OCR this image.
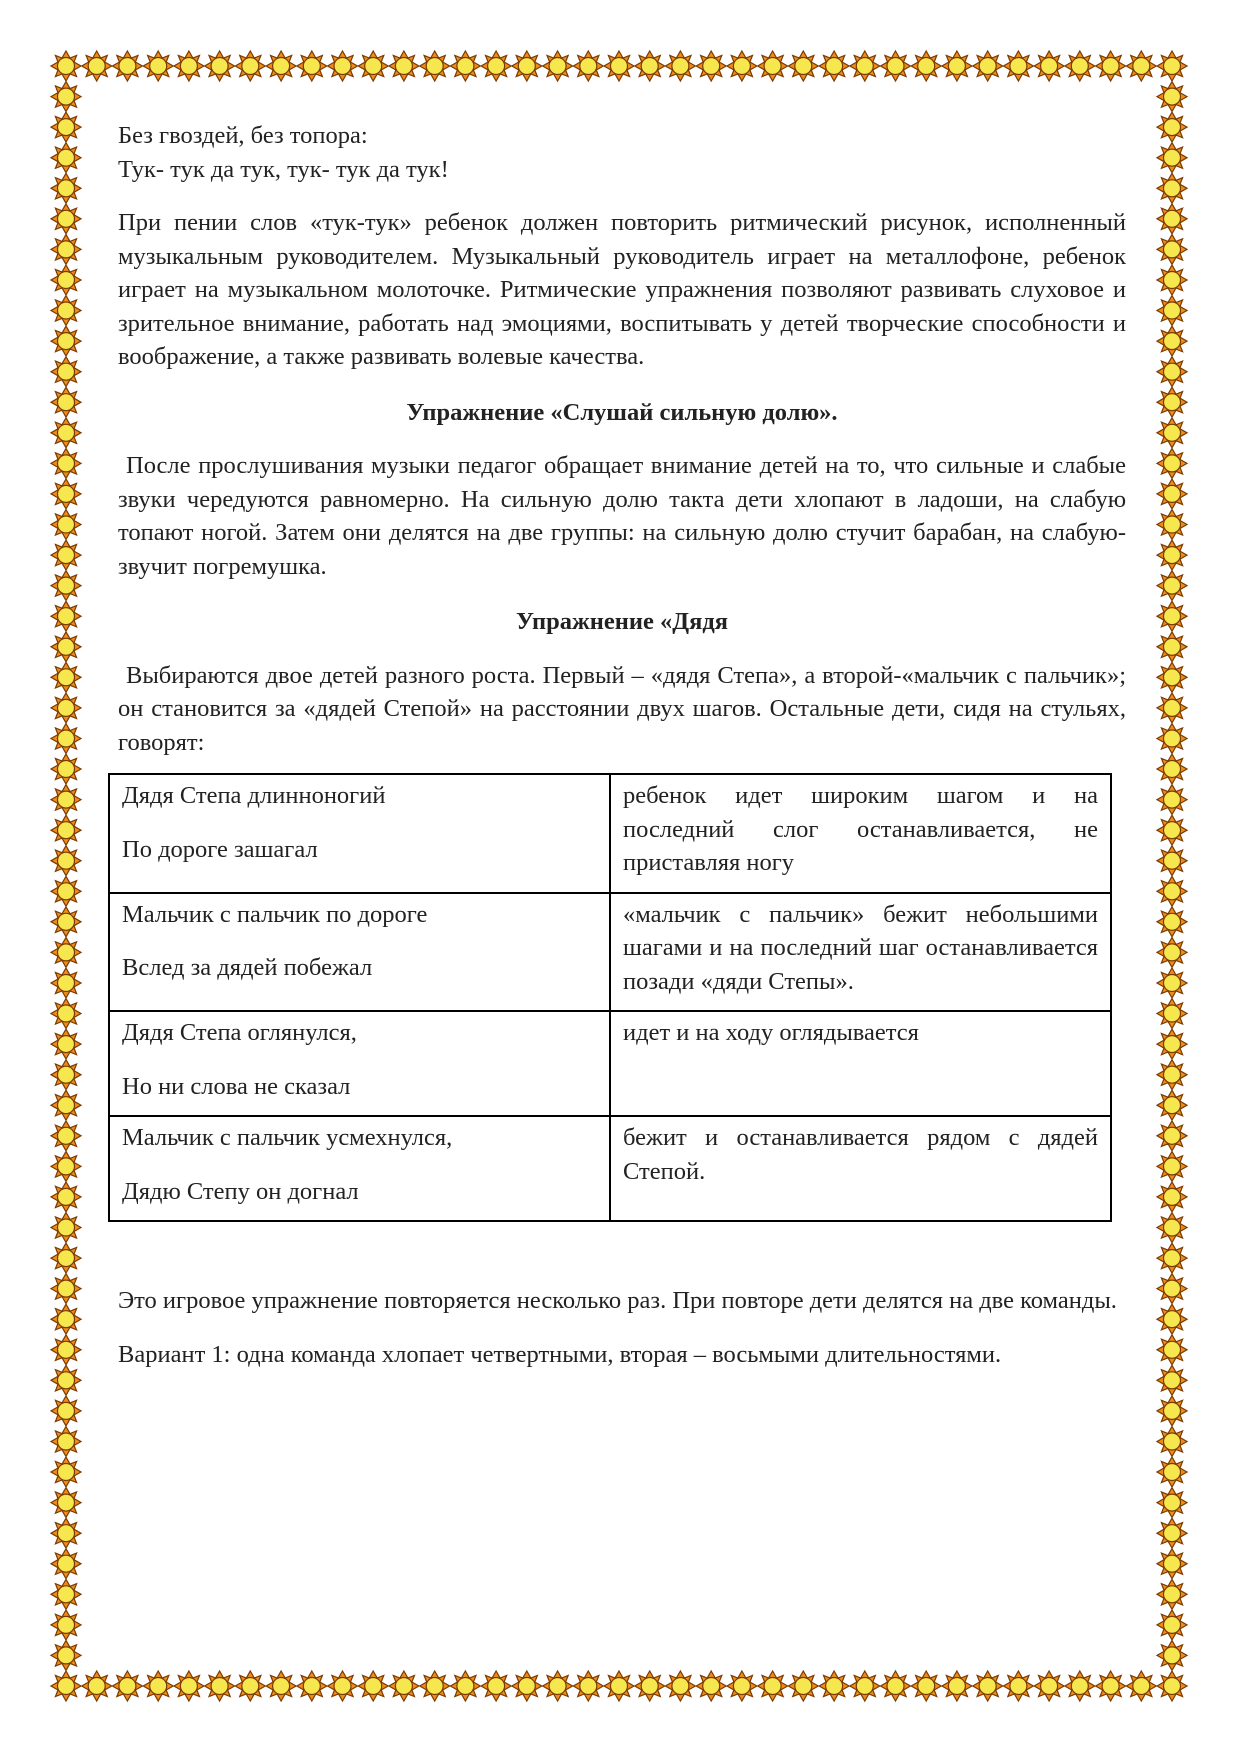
Без гвоздей, без топора:

Тук- тук да тук, тук- тук да тук!

При пении слов «тук-тук» ребенок должен повторить ритмический рисунок, исполненный музыкальным руководителем. Музыкальный руководитель играет на металлофоне, ребенок играет на музыкальном молоточке. Ритмические упражнения позволяют развивать слуховое и зрительное внимание, работать над эмоциями, воспитывать у детей творческие способности и воображение, а также развивать волевые качества.

Упражнение «Слушай сильную долю».

После прослушивания музыки педагог обращает внимание детей на то, что сильные и слабые звуки чередуются равномерно. На сильную долю такта дети хлопают в ладоши, на слабую топают ногой. Затем они делятся на две группы: на сильную долю стучит барабан, на слабую- звучит погремушка.

Упражнение «Дядя

Выбираются двое детей разного роста. Первый – «дядя Степа», а второй-«мальчик с пальчик»; он становится за «дядей Степой» на расстоянии двух шагов. Остальные дети, сидя на стульях, говорят:

Дядя Степа длинноногий

По дороге зашагал	ребенок идет широким шагом и на последний слог останавливается, не приставляя ногу

Мальчик с пальчик по дороге

Вслед за дядей побежал	«мальчик с пальчик» бежит небольшими шагами и на последний шаг останавливается позади «дяди Степы».

Дядя Степа оглянулся,

Но ни слова не сказал	идет и на ходу оглядывается

Мальчик с пальчик усмехнулся,

Дядю Степу он догнал	бежит и останавливается рядом с дядей Степой.

Это игровое упражнение повторяется несколько раз. При повторе дети делятся на две команды.

Вариант 1: одна команда хлопает четвертными, вторая – восьмыми длительностями.
